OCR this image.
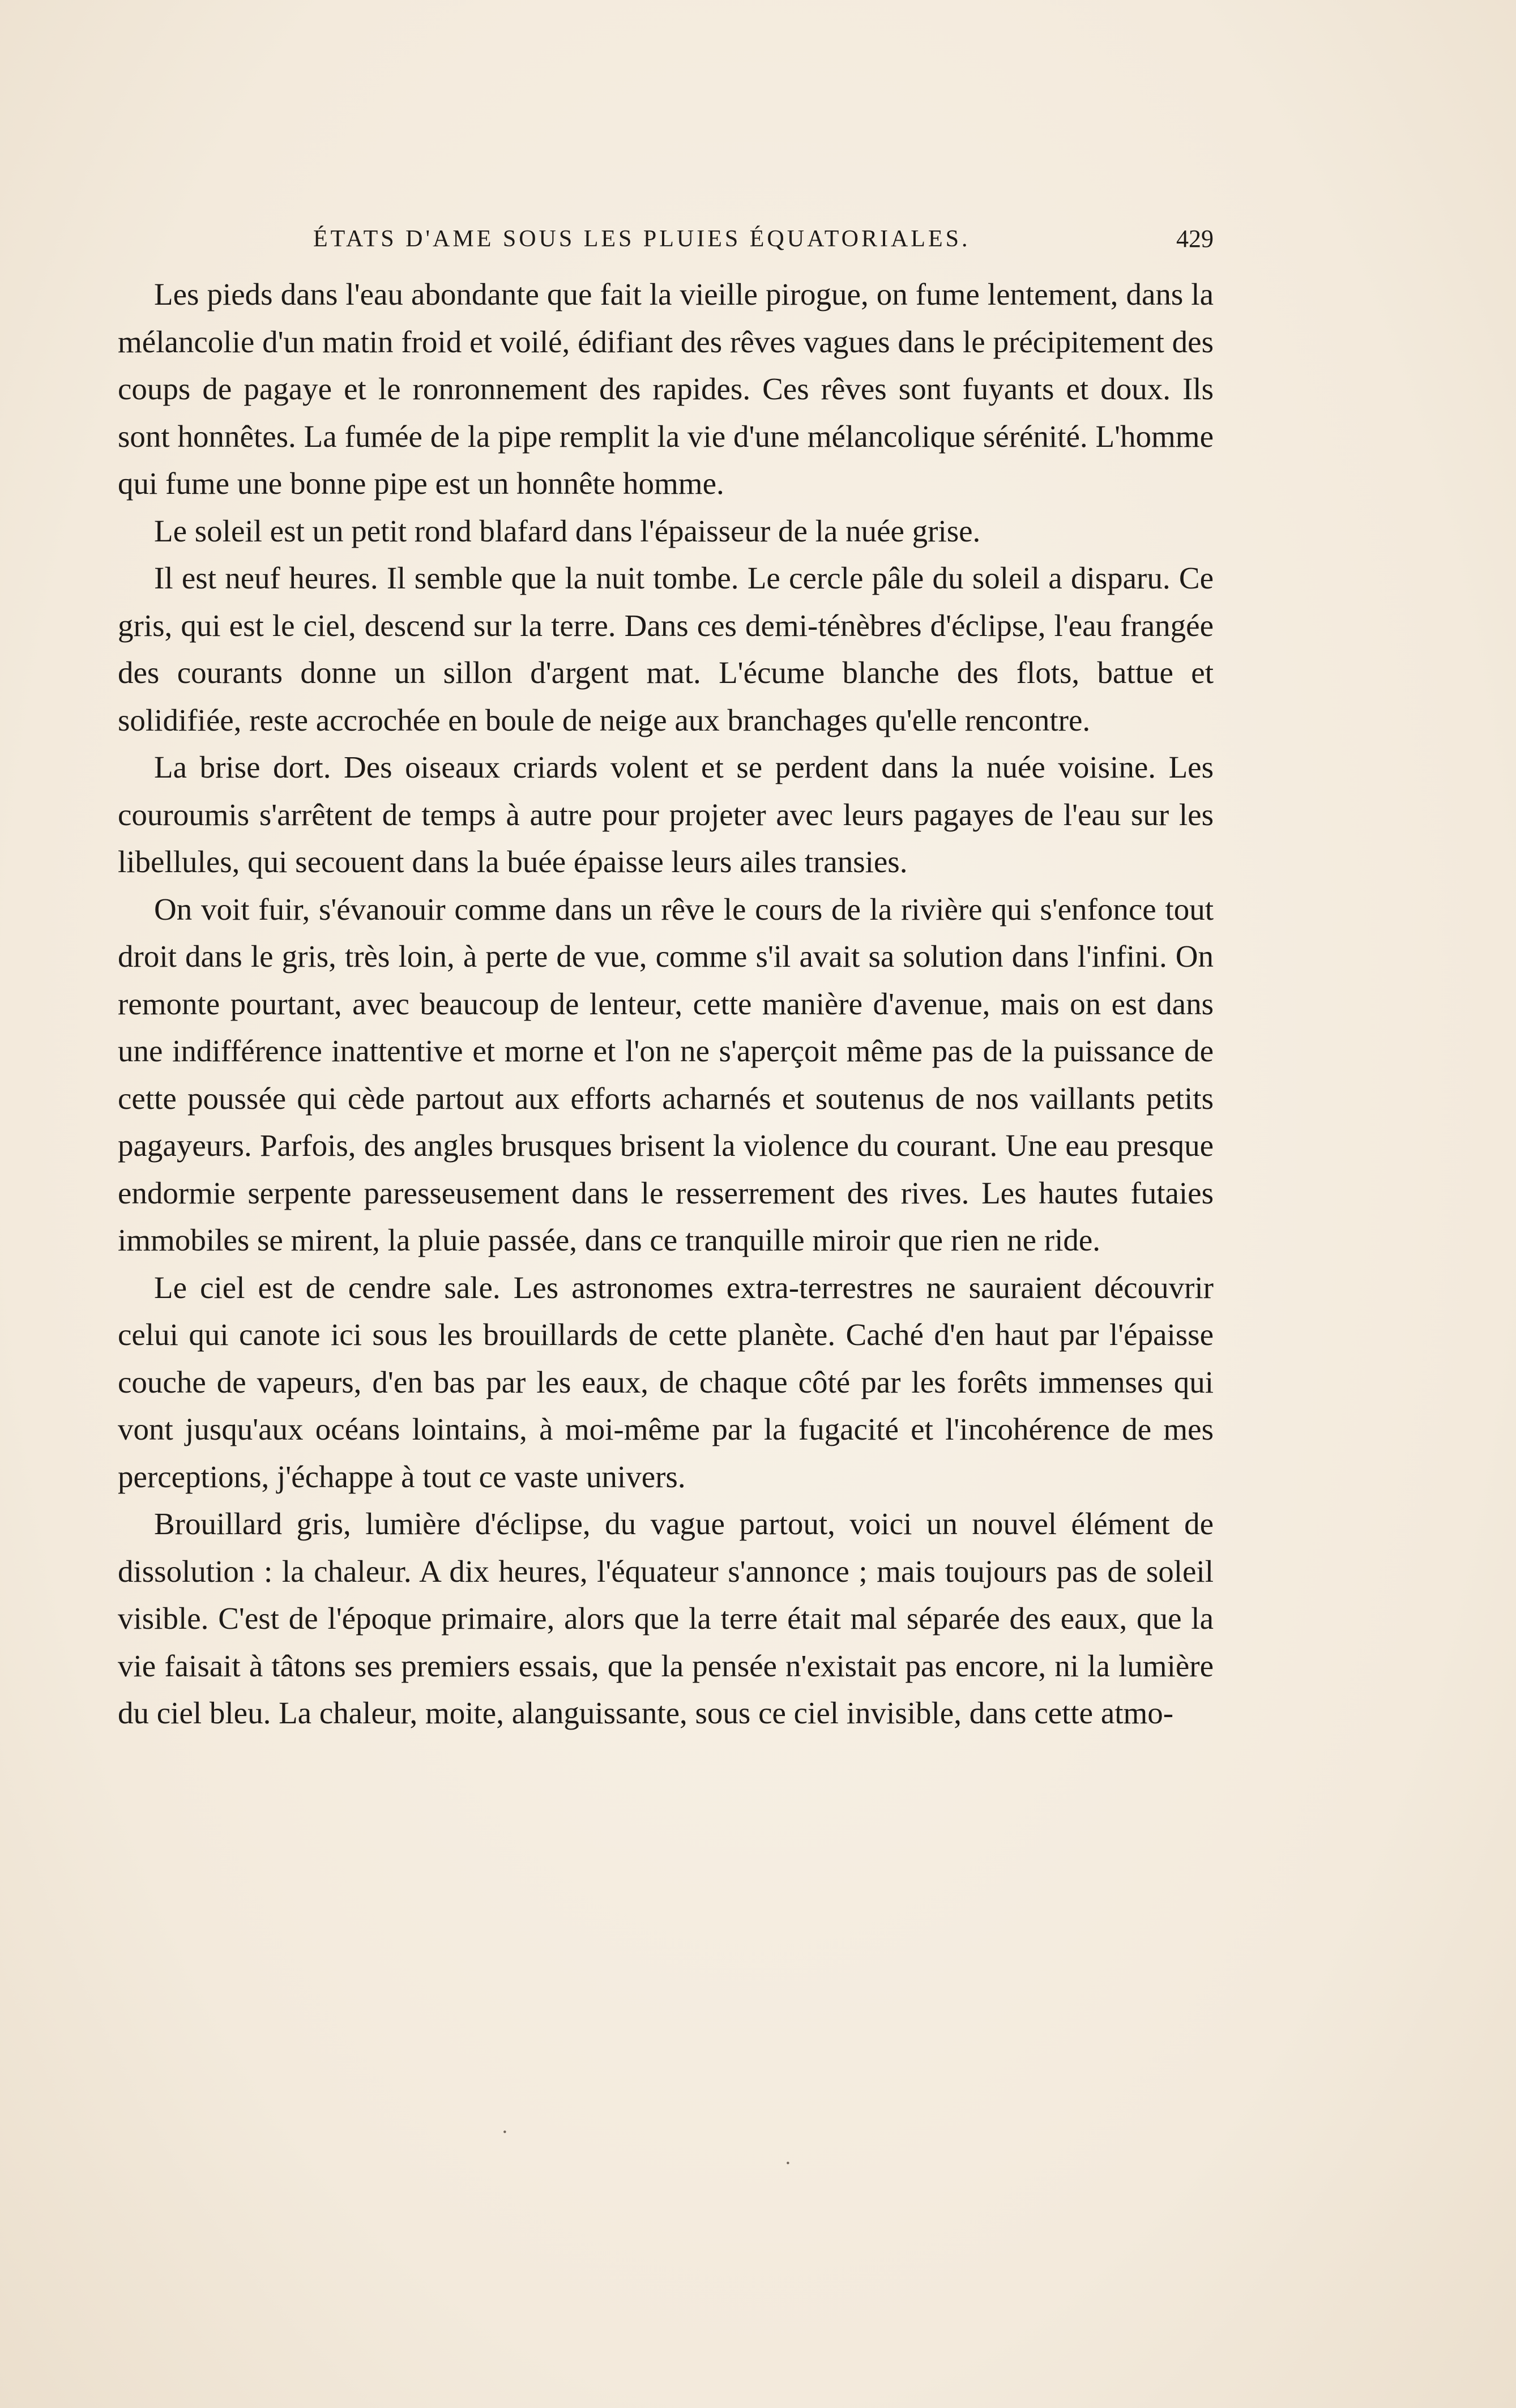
ÉTATS D'AME SOUS LES PLUIES ÉQUATORIALES.	429

Les pieds dans l'eau abondante que fait la vieille pirogue, on fume lentement, dans la mélancolie d'un matin froid et voilé, édifiant des rêves vagues dans le précipitement des coups de pagaye et le ronronnement des rapides. Ces rêves sont fuyants et doux. Ils sont honnêtes. La fumée de la pipe remplit la vie d'une mélancolique sérénité. L'homme qui fume une bonne pipe est un honnête homme.

Le soleil est un petit rond blafard dans l'épaisseur de la nuée grise.

Il est neuf heures. Il semble que la nuit tombe. Le cercle pâle du soleil a disparu. Ce gris, qui est le ciel, descend sur la terre. Dans ces demi-ténèbres d'éclipse, l'eau frangée des courants donne un sillon d'argent mat. L'écume blanche des flots, battue et solidifiée, reste accrochée en boule de neige aux branchages qu'elle rencontre.

La brise dort. Des oiseaux criards volent et se perdent dans la nuée voisine. Les couroumis s'arrêtent de temps à autre pour projeter avec leurs pagayes de l'eau sur les libellules, qui secouent dans la buée épaisse leurs ailes transies.

On voit fuir, s'évanouir comme dans un rêve le cours de la rivière qui s'enfonce tout droit dans le gris, très loin, à perte de vue, comme s'il avait sa solution dans l'infini. On remonte pourtant, avec beaucoup de lenteur, cette manière d'avenue, mais on est dans une indifférence inattentive et morne et l'on ne s'aperçoit même pas de la puissance de cette poussée qui cède partout aux efforts acharnés et soutenus de nos vaillants petits pagayeurs. Parfois, des angles brusques brisent la violence du courant. Une eau presque endormie serpente paresseusement dans le resserrement des rives. Les hautes futaies immobiles se mirent, la pluie passée, dans ce tranquille miroir que rien ne ride.

Le ciel est de cendre sale. Les astronomes extra-terrestres ne sauraient découvrir celui qui canote ici sous les brouillards de cette planète. Caché d'en haut par l'épaisse couche de vapeurs, d'en bas par les eaux, de chaque côté par les forêts immenses qui vont jusqu'aux océans lointains, à moi-même par la fugacité et l'incohérence de mes perceptions, j'échappe à tout ce vaste univers.

Brouillard gris, lumière d'éclipse, du vague partout, voici un nouvel élément de dissolution : la chaleur. A dix heures, l'équateur s'annonce ; mais toujours pas de soleil visible. C'est de l'époque primaire, alors que la terre était mal séparée des eaux, que la vie faisait à tâtons ses premiers essais, que la pensée n'existait pas encore, ni la lumière du ciel bleu. La chaleur, moite, alanguissante, sous ce ciel invisible, dans cette atmo-

·
·
